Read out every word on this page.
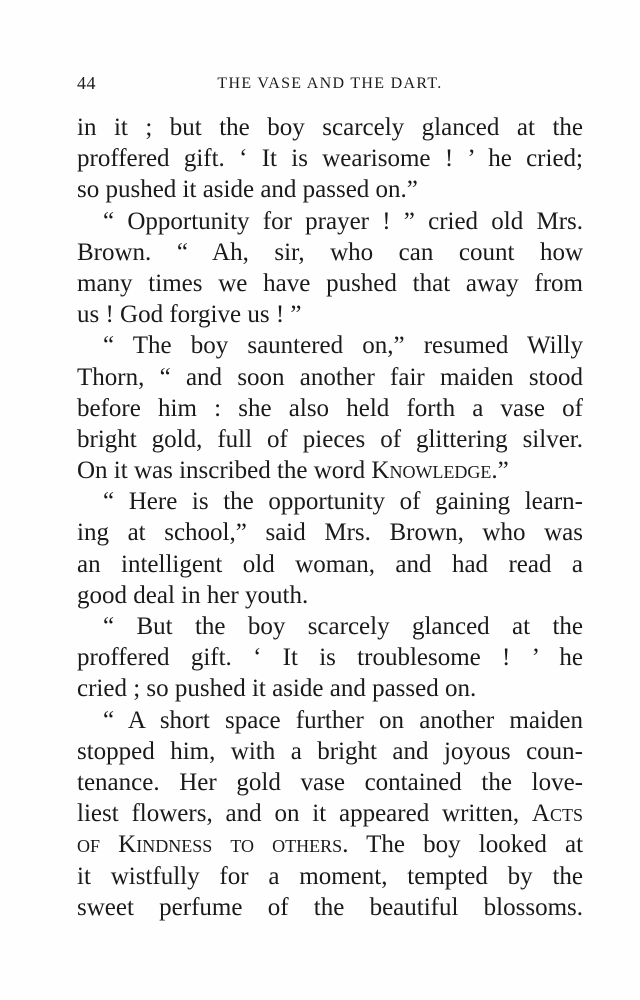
44	THE VASE AND THE DART.
in it ; but the boy scarcely glanced at the
proffered gift. ‘ It is wearisome ! ’ he cried;
so pushed it aside and passed on.”
“ Opportunity for prayer ! ” cried old Mrs.
Brown. “ Ah, sir, who can count how
many times we have pushed that away from
us ! God forgive us ! ”
“ The boy sauntered on,” resumed Willy
Thorn, “ and soon another fair maiden stood
before him : she also held forth a vase of
bright gold, full of pieces of glittering silver.
On it was inscribed the word Knowledge.”
“ Here is the opportunity of gaining learn-
ing at school,” said Mrs. Brown, who was
an intelligent old woman, and had read a
good deal in her youth.
“ But the boy scarcely glanced at the
proffered gift. ‘ It is troublesome ! ’ he
cried ; so pushed it aside and passed on.
“ A short space further on another maiden
stopped him, with a bright and joyous coun-
tenance. Her gold vase contained the love-
liest flowers, and on it appeared written, Acts
of Kindness to others. The boy looked at
it wistfully for a moment, tempted by the
sweet perfume of the beautiful blossoms.
